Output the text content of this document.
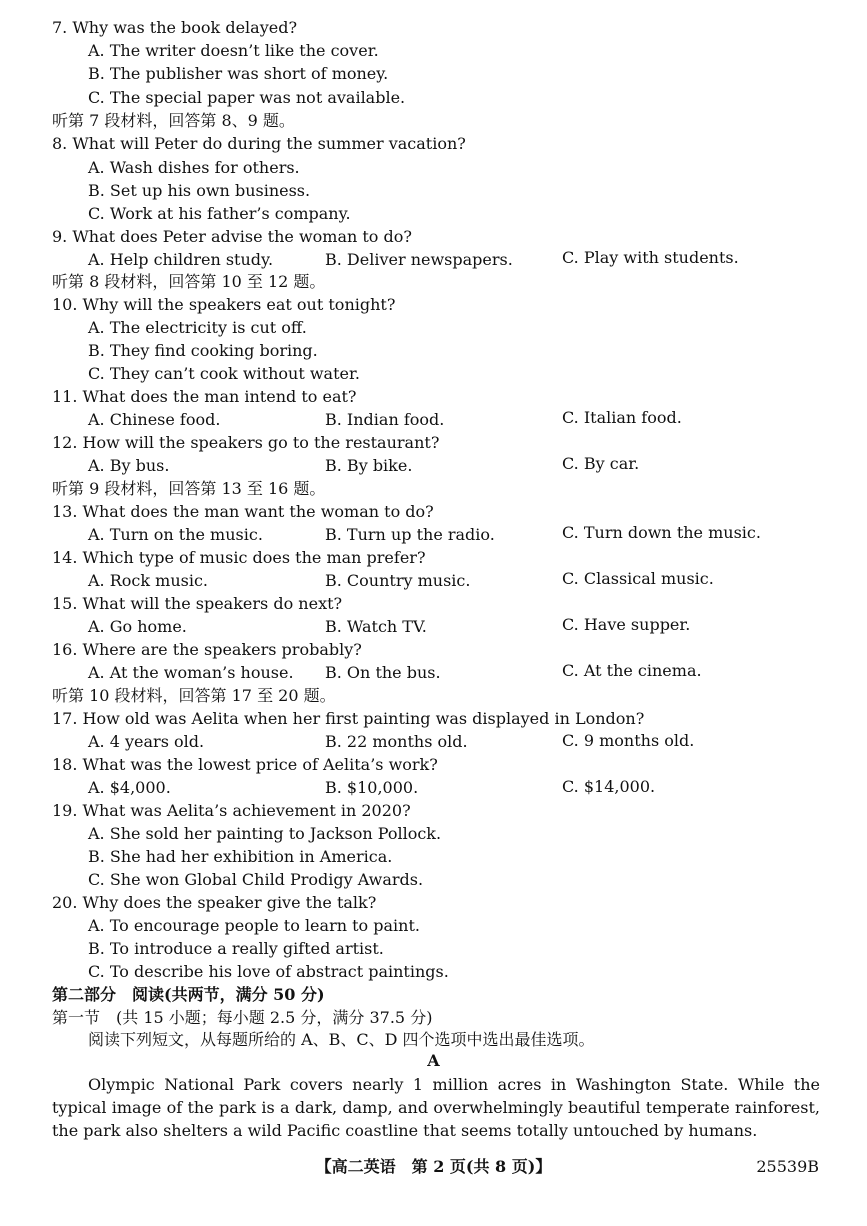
7. Why was the book delayed?
A. The writer doesn’t like the cover.
B. The publisher was short of money.
C. The special paper was not available.
听第 7 段材料，回答第 8、9 题。
8. What will Peter do during the summer vacation?
A. Wash dishes for others.
B. Set up his own business.
C. Work at his father’s company.
9. What does Peter advise the woman to do?
A. Help children study.	B. Deliver newspapers.	C. Play with students.
听第 8 段材料，回答第 10 至 12 题。
10. Why will the speakers eat out tonight?
A. The electricity is cut off.
B. They find cooking boring.
C. They can’t cook without water.
11. What does the man intend to eat?
A. Chinese food.	B. Indian food.	C. Italian food.
12. How will the speakers go to the restaurant?
A. By bus.	B. By bike.	C. By car.
听第 9 段材料，回答第 13 至 16 题。
13. What does the man want the woman to do?
A. Turn on the music.	B. Turn up the radio.	C. Turn down the music.
14. Which type of music does the man prefer?
A. Rock music.	B. Country music.	C. Classical music.
15. What will the speakers do next?
A. Go home.	B. Watch TV.	C. Have supper.
16. Where are the speakers probably?
A. At the woman’s house. B. On the bus.	C. At the cinema.
听第 10 段材料，回答第 17 至 20 题。
17. How old was Aelita when her first painting was displayed in London?
A. 4 years old.	B. 22 months old.	C. 9 months old.
18. What was the lowest price of Aelita’s work?
A. $4,000.	B. $10,000.	C. $14,000.
19. What was Aelita’s achievement in 2020?
A. She sold her painting to Jackson Pollock.
B. She had her exhibition in America.
C. She won Global Child Prodigy Awards.
20. Why does the speaker give the talk?
A. To encourage people to learn to paint.
B. To introduce a really gifted artist.
C. To describe his love of abstract paintings.
第二部分　阅读(共两节，满分 50 分)
第一节　(共 15 小题；每小题 2.5 分，满分 37.5 分)
阅读下列短文，从每题所给的 A、B、C、D 四个选项中选出最佳选项。
A
Olympic National Park covers nearly 1 million acres in Washington State. While the typical image of the park is a dark, damp, and overwhelmingly beautiful temperate rainforest, the park also shelters a wild Pacific coastline that seems totally untouched by humans.
【高二英语　第 2 页(共 8 页)】	25539B
